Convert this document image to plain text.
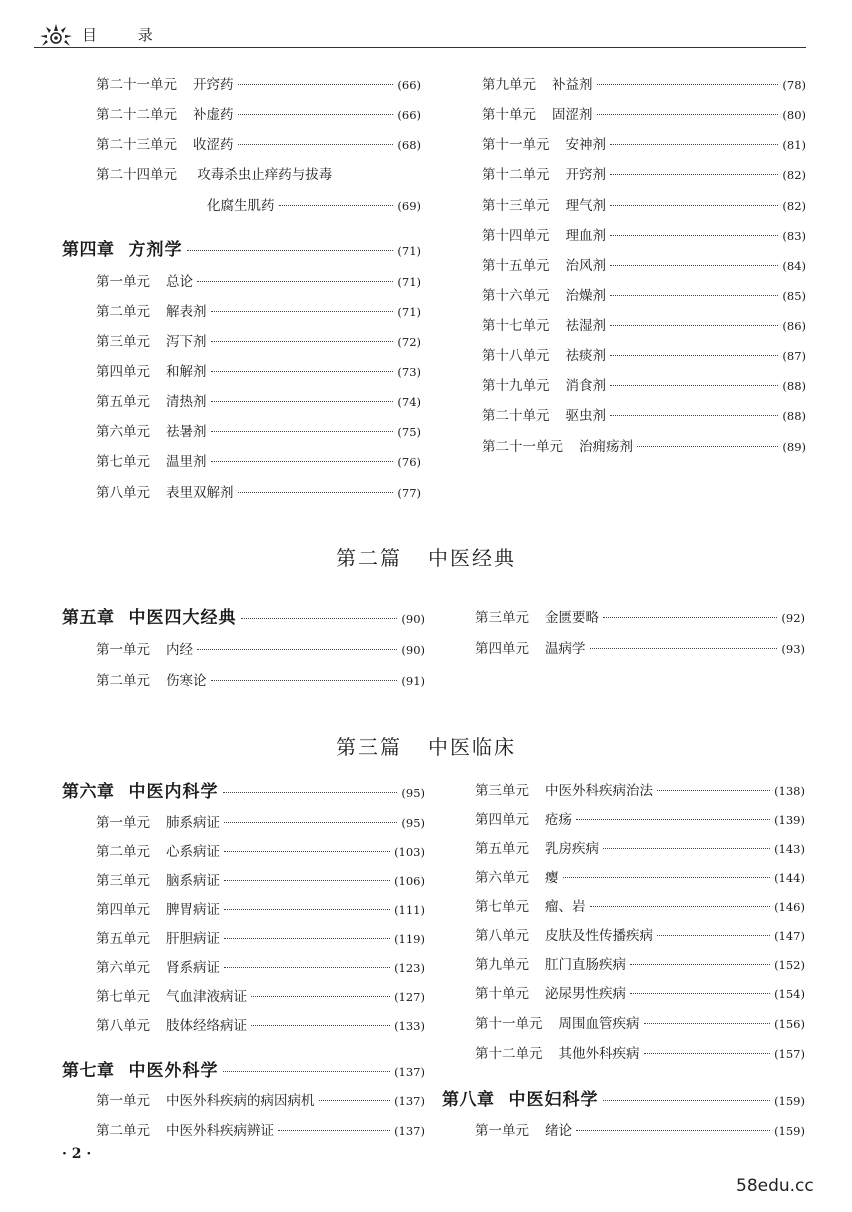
目 录
第二十一单元 开窍药	(66)
第二十二单元 补虚药	(66)
第二十三单元 收涩药	(68)
第二十四单元 攻毒杀虫止痒药与拔毒
化腐生肌药	(69)
第四章 方剂学	(71)
第一单元 总论	(71)
第二单元 解表剂	(71)
第三单元 泻下剂	(72)
第四单元 和解剂	(73)
第五单元 清热剂	(74)
第六单元 祛暑剂	(75)
第七单元 温里剂	(76)
第八单元 表里双解剂	(77)
第九单元 补益剂	(78)
第十单元 固涩剂	(80)
第十一单元 安神剂	(81)
第十二单元 开窍剂	(82)
第十三单元 理气剂	(82)
第十四单元 理血剂	(83)
第十五单元 治风剂	(84)
第十六单元 治燥剂	(85)
第十七单元 祛湿剂	(86)
第十八单元 祛痰剂	(87)
第十九单元 消食剂	(88)
第二十单元 驱虫剂	(88)
第二十一单元 治痈疡剂	(89)
第二篇 中医经典
第五章 中医四大经典	(90)
第一单元 内经	(90)
第二单元 伤寒论	(91)
第三单元 金匮要略	(92)
第四单元 温病学	(93)
第三篇 中医临床
第六章 中医内科学	(95)
第一单元 肺系病证	(95)
第二单元 心系病证	(103)
第三单元 脑系病证	(106)
第四单元 脾胃病证	(111)
第五单元 肝胆病证	(119)
第六单元 肾系病证	(123)
第七单元 气血津液病证	(127)
第八单元 肢体经络病证	(133)
第七章 中医外科学	(137)
第一单元 中医外科疾病的病因病机	(137)
第二单元 中医外科疾病辨证	(137)
第三单元 中医外科疾病治法	(138)
第四单元 疮疡	(139)
第五单元 乳房疾病	(143)
第六单元 瘿	(144)
第七单元 瘤、岩	(146)
第八单元 皮肤及性传播疾病	(147)
第九单元 肛门直肠疾病	(152)
第十单元 泌尿男性疾病	(154)
第十一单元 周围血管疾病	(156)
第十二单元 其他外科疾病	(157)
第八章 中医妇科学	(159)
第一单元 绪论	(159)
· 2 ·
58edu.cc
